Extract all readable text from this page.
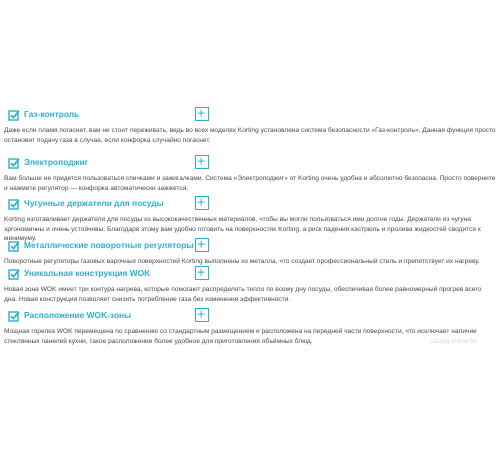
Газ-контроль

Даже если пламя погаснет, вам не стоит переживать, ведь во всех моделях Korting установлена система безопасности «Газ-контроль». Данная функция просто остановит подачу газа в случае, если конфорка случайно погаснет.

Электроподжиг

Вам больше не придется пользоваться спичками и зажигалками. Система «Электроподжиг» от Korting очень удобна и абсолютно безопасна. Просто поверните и нажмите регулятор — конфорка автоматически зажжется.

Чугунные держатели для посуды

Korting изготавливает держатели для посуды из высококачественных материалов, чтобы вы могли пользоваться ими долгие годы. Держатели из чугуна эргономичны и очень устойчивы. Благодаря этому вам удобно готовить на поверхностях Korting, а риск падения кастрюль и пролива жидкостей сводится к минимуму.

Металлические поворотные регуляторы

Поворотные регуляторы газовых варочных поверхностей Korting выполнены из металла, что создает профессиональный стиль и препятствует их нагреву.

Уникальная конструкция WOK

Новая зона WOK имеет три контура нагрева, которые помогают распределять тепло по всему дну посуды, обеспечивая более равномерный прогрев всего дна. Новая конструкция позволяет снизить потребление газа без изменения эффективности.

Расположение WOK-зоны

Мощная горелка WOK перемещена по сравнению со стандартным размещением и расположена на передней части поверхности, что исключает наличие стеклянных панелей кухни, такое расположение более удобное для приготовления объёмных блюд.	catalog.onliner.by
